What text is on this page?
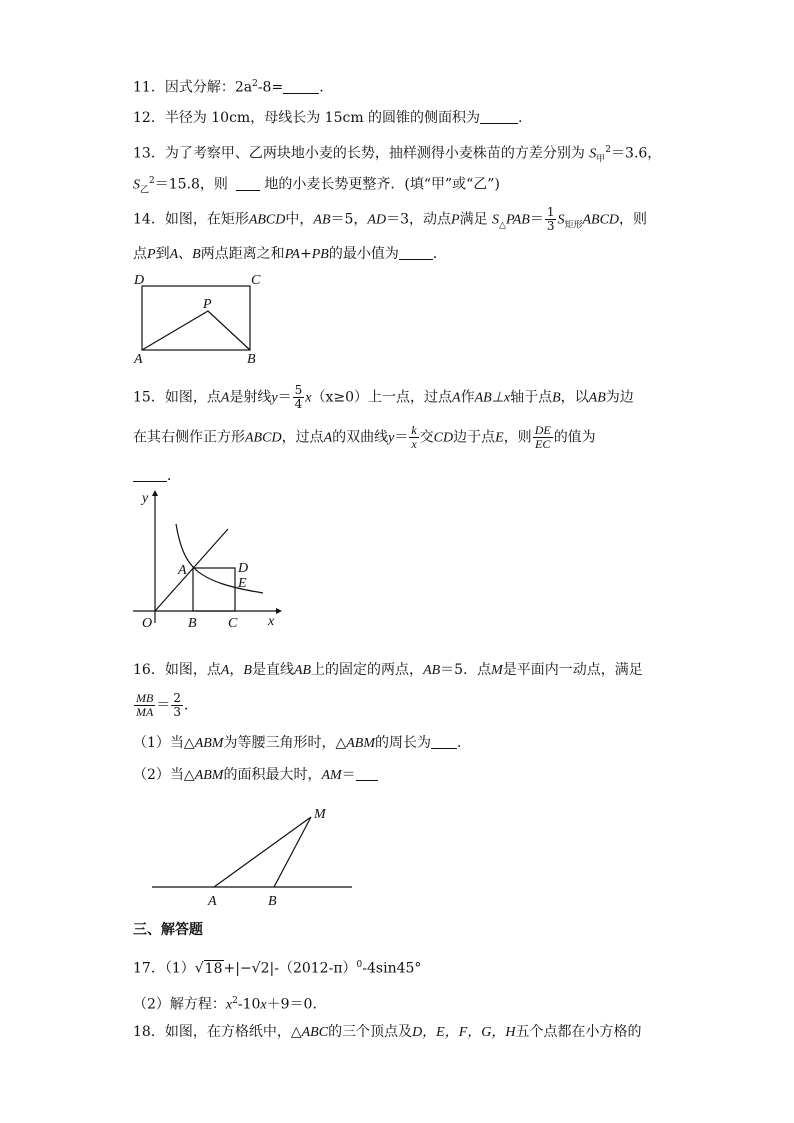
11．因式分解：$2a^2-8=$	.
12．半径为 10cm，母线长为 15cm 的圆锥的侧面积为	.
13．为了考察甲、乙两块地小麦的长势，抽样测得小麦株苗的方差分别为 $S_甲^2=3.6$，
$S_乙^2=15.8$，则	地的小麦长势更整齐．(填“甲”或“乙”)
14．如图，在矩形ABCD中，AB＝5，AD＝3，动点P满足 $S_\triangle PAB= \frac{1}{3}$ $S_{矩形}ABCD$，则
点P到A、B两点距离之和PA+PB的最小值为 ．
D	C
P
A	B
15．如图，点A是射线$y= \frac{5}{4} x(x\ge 0)$上一点，过点A作AB⊥x轴于点B，以AB为边
在其右侧作正方形ABCD，过点A的双曲线$y= \frac{k}{x}$ 交CD边于点E，则 $\frac{DE}{EC}$ 的值为
．
y
x
O
A
B C
D
E
16．如图，点A，B是直线AB上的固定的两点，AB＝5．点M是平面内一动点，满足
$\frac{MB}{MA} = \frac{2}{3}$ ．
（1）当△ABM为等腰三角形时，△ABM的周长为 ．
（2）当△ABM的面积最大时，AM＝
M
A	B
三、解答题
17．$(1)√18+|-√2|-(2012-\pi)^0-4\sin 45^\circ$
（2）解方程：$x^2-10x+9=0$．
18．如图，在方格纸中，△ABC的三个顶点及D，E，F，G，H五个点都在小方格的
